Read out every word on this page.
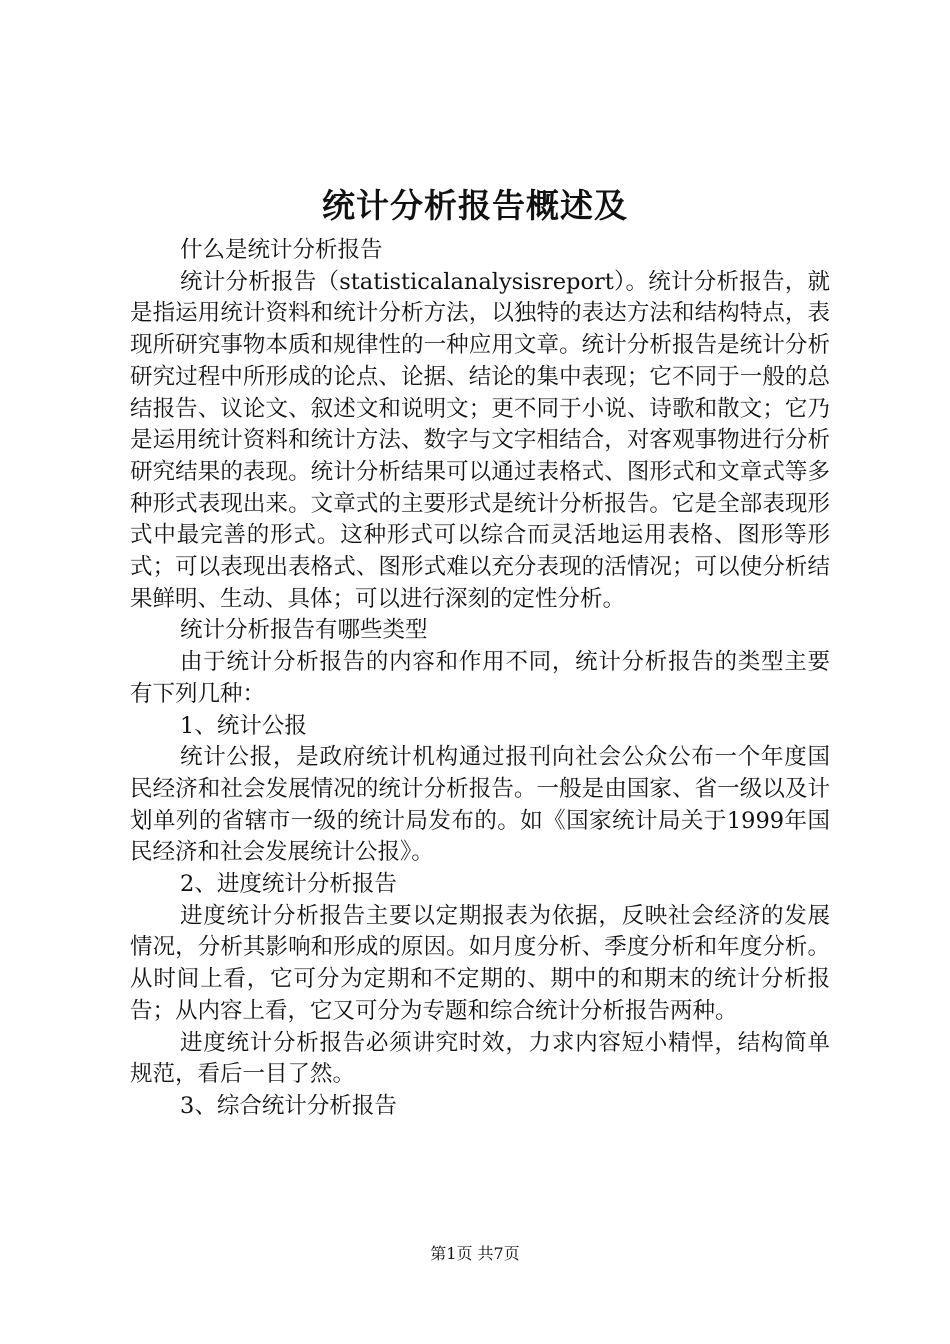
统计分析报告概述及

什么是统计分析报告

统计分析报告（statisticalanalysisreport）。统计分析报告，就是指运用统计资料和统计分析方法，以独特的表达方法和结构特点，表现所研究事物本质和规律性的一种应用文章。统计分析报告是统计分析研究过程中所形成的论点、论据、结论的集中表现；它不同于一般的总结报告、议论文、叙述文和说明文；更不同于小说、诗歌和散文；它乃是运用统计资料和统计方法、数字与文字相结合，对客观事物进行分析研究结果的表现。统计分析结果可以通过表格式、图形式和文章式等多种形式表现出来。文章式的主要形式是统计分析报告。它是全部表现形式中最完善的形式。这种形式可以综合而灵活地运用表格、图形等形式；可以表现出表格式、图形式难以充分表现的活情况；可以使分析结果鲜明、生动、具体；可以进行深刻的定性分析。

统计分析报告有哪些类型

由于统计分析报告的内容和作用不同，统计分析报告的类型主要有下列几种：

1、统计公报

统计公报，是政府统计机构通过报刊向社会公众公布一个年度国民经济和社会发展情况的统计分析报告。一般是由国家、省一级以及计划单列的省辖市一级的统计局发布的。如《国家统计局关于1999年国民经济和社会发展统计公报》。

2、进度统计分析报告

进度统计分析报告主要以定期报表为依据，反映社会经济的发展情况，分析其影响和形成的原因。如月度分析、季度分析和年度分析。从时间上看，它可分为定期和不定期的、期中的和期末的统计分析报告；从内容上看，它又可分为专题和综合统计分析报告两种。

进度统计分析报告必须讲究时效，力求内容短小精悍，结构简单规范，看后一目了然。

3、综合统计分析报告

第1页 共7页
